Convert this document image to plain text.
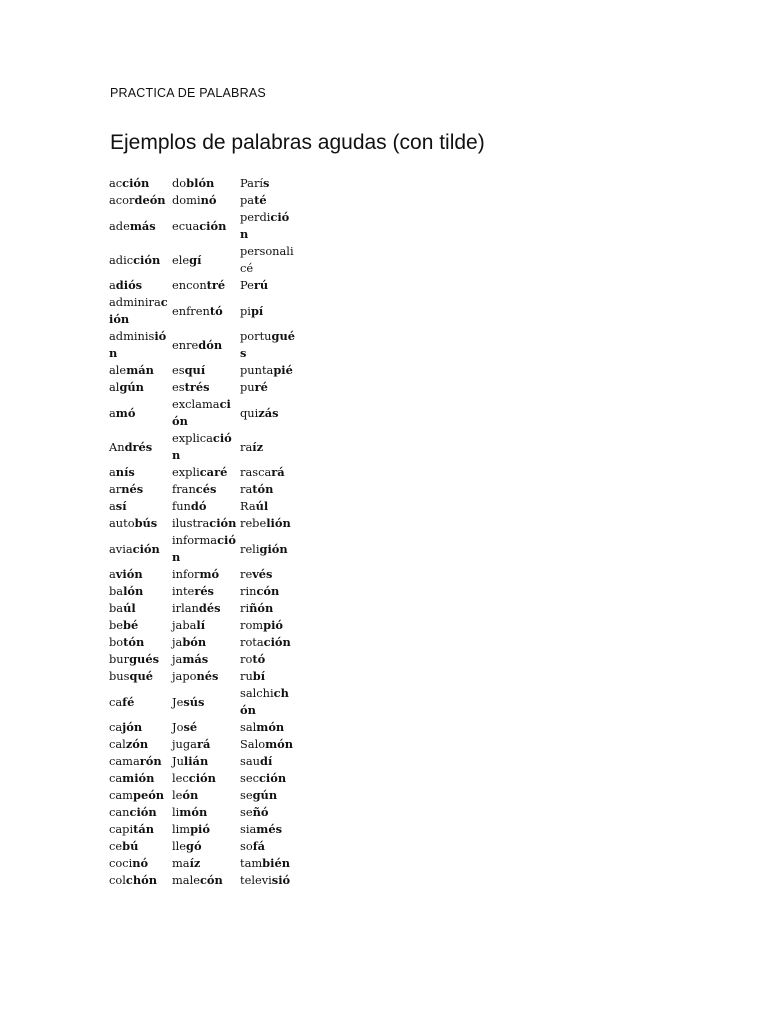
PRACTICA DE PALABRAS
Ejemplos de palabras agudas (con tilde)
acción	doblón	París
acordeón	dominó	paté
además	ecuación	perdición
adicción	elegí	personalicé
adiós	encontré	Perú
adminiración	enfrentó	pipí
adminisión	enredón	portugués
alemán	esquí	puntapié
algún	estrés	puré
amó	exclamación	quizás
Andrés	explicación	raíz
anís	explicaré	rascará
arnés	francés	ratón
así	fundó	Raúl
autobús	ilustración	rebelión
aviación	información	religión
avión	informó	revés
balón	interés	rincón
baúl	irlandés	riñón
bebé	jabalí	rompió
botón	jabón	rotación
burgués	jamás	rotó
busqué	japonés	rubí
café	Jesús	salchichón
cajón	José	salmón
calzón	jugará	Salomón
camarón	Julián	saudí
camión	lección	sección
campeón	león	según
canción	limón	señó
capitán	limpió	siamés
cebú	llegó	sofá
cocinó	maíz	también
colchón	malecón	televisió
